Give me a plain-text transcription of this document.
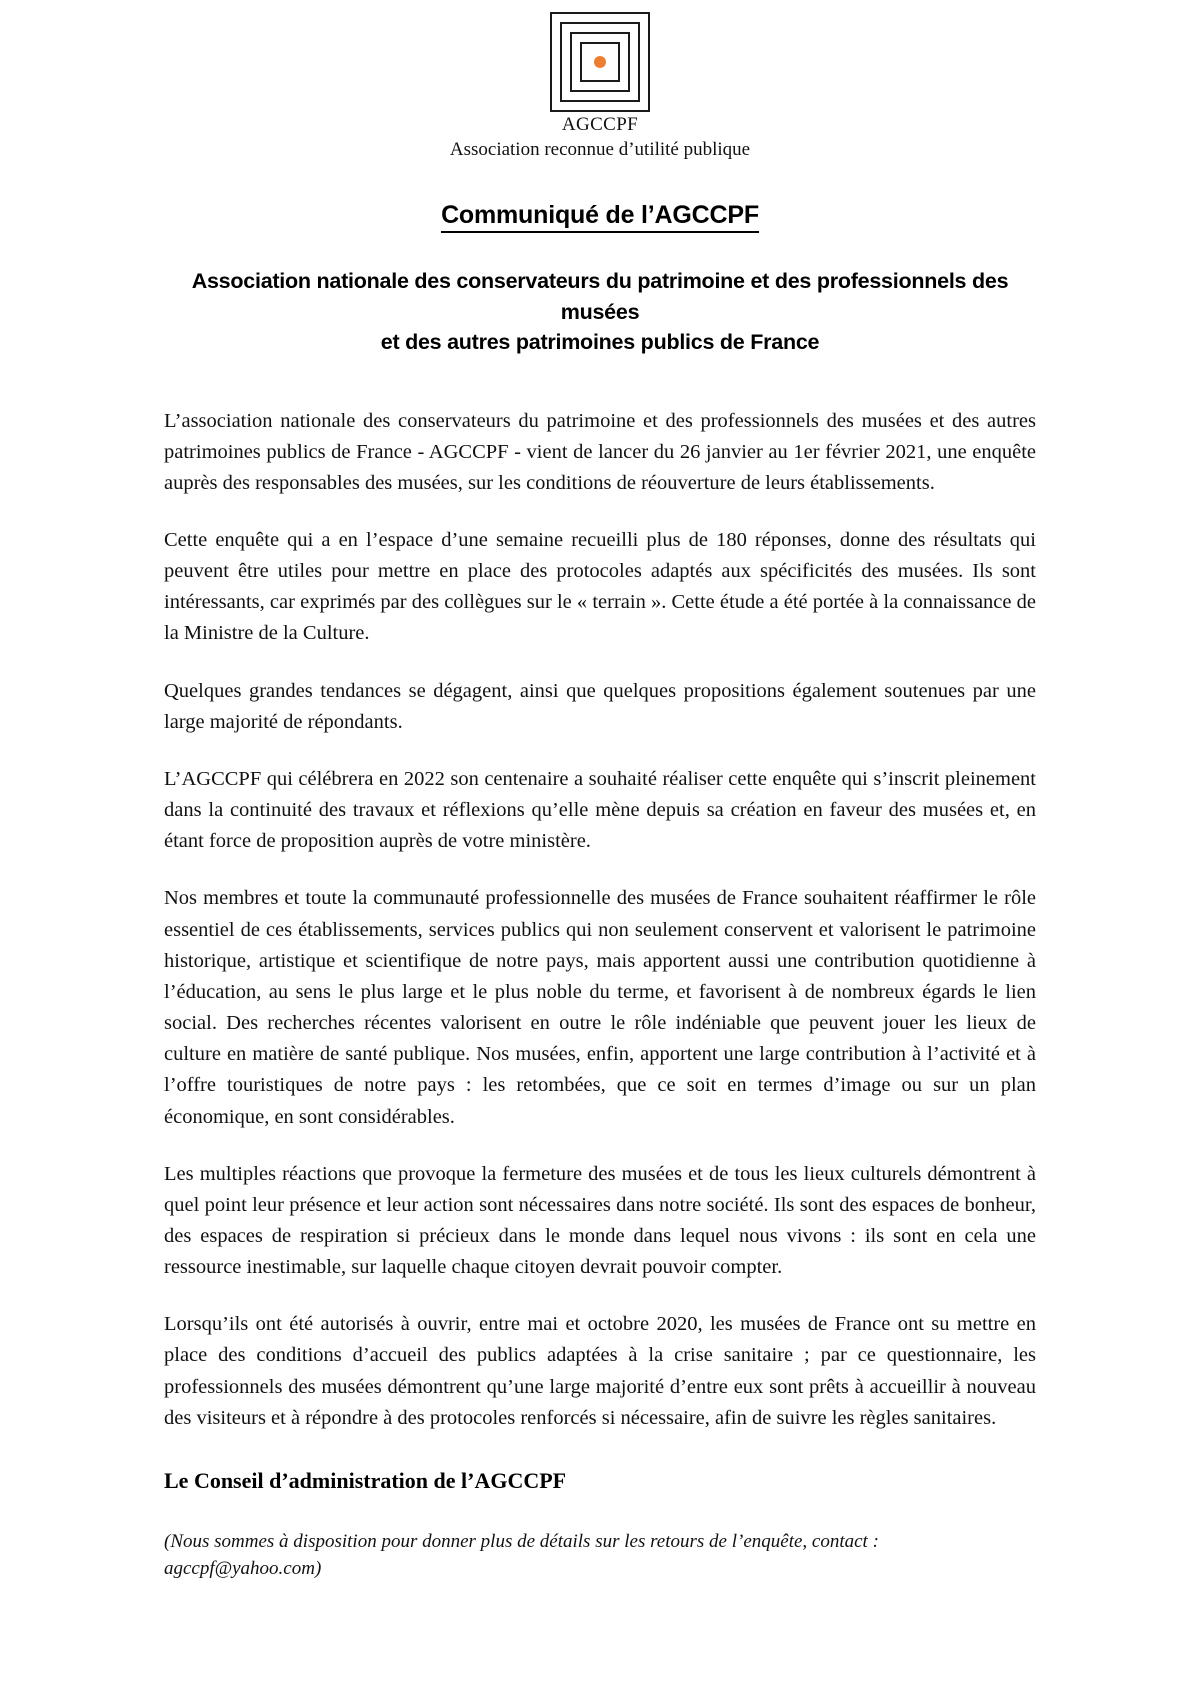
AGCCPF
Association reconnue d’utilité publique
Communiqué de l’AGCCPF
Association nationale des conservateurs du patrimoine et des professionnels des musées
et des autres patrimoines publics de France

L’association nationale des conservateurs du patrimoine et des professionnels des musées et des autres patrimoines publics de France - AGCCPF - vient de lancer du 26 janvier au 1er février 2021, une enquête auprès des responsables des musées, sur les conditions de réouverture de leurs établissements.

Cette enquête qui a en l’espace d’une semaine recueilli plus de 180 réponses, donne des résultats qui peuvent être utiles pour mettre en place des protocoles adaptés aux spécificités des musées. Ils sont intéressants, car exprimés par des collègues sur le « terrain ». Cette étude a été portée à la connaissance de la Ministre de la Culture.

Quelques grandes tendances se dégagent, ainsi que quelques propositions également soutenues par une large majorité de répondants.

L’AGCCPF qui célébrera en 2022 son centenaire a souhaité réaliser cette enquête qui s’inscrit pleinement dans la continuité des travaux et réflexions qu’elle mène depuis sa création en faveur des musées et, en étant force de proposition auprès de votre ministère.

Nos membres et toute la communauté professionnelle des musées de France souhaitent réaffirmer le rôle essentiel de ces établissements, services publics qui non seulement conservent et valorisent le patrimoine historique, artistique et scientifique de notre pays, mais apportent aussi une contribution quotidienne à l’éducation, au sens le plus large et le plus noble du terme, et favorisent à de nombreux égards le lien social. Des recherches récentes valorisent en outre le rôle indéniable que peuvent jouer les lieux de culture en matière de santé publique. Nos musées, enfin, apportent une large contribution à l’activité et à l’offre touristiques de notre pays : les retombées, que ce soit en termes d’image ou sur un plan économique, en sont considérables.

Les multiples réactions que provoque la fermeture des musées et de tous les lieux culturels démontrent à quel point leur présence et leur action sont nécessaires dans notre société. Ils sont des espaces de bonheur, des espaces de respiration si précieux dans le monde dans lequel nous vivons : ils sont en cela une ressource inestimable, sur laquelle chaque citoyen devrait pouvoir compter.

Lorsqu’ils ont été autorisés à ouvrir, entre mai et octobre 2020, les musées de France ont su mettre en place des conditions d’accueil des publics adaptées à la crise sanitaire ; par ce questionnaire, les professionnels des musées démontrent qu’une large majorité d’entre eux sont prêts à accueillir à nouveau des visiteurs et à répondre à des protocoles renforcés si nécessaire, afin de suivre les règles sanitaires.

Le Conseil d’administration de l’AGCCPF

(Nous sommes à disposition pour donner plus de détails sur les retours de l’enquête, contact :
agccpf@yahoo.com)
